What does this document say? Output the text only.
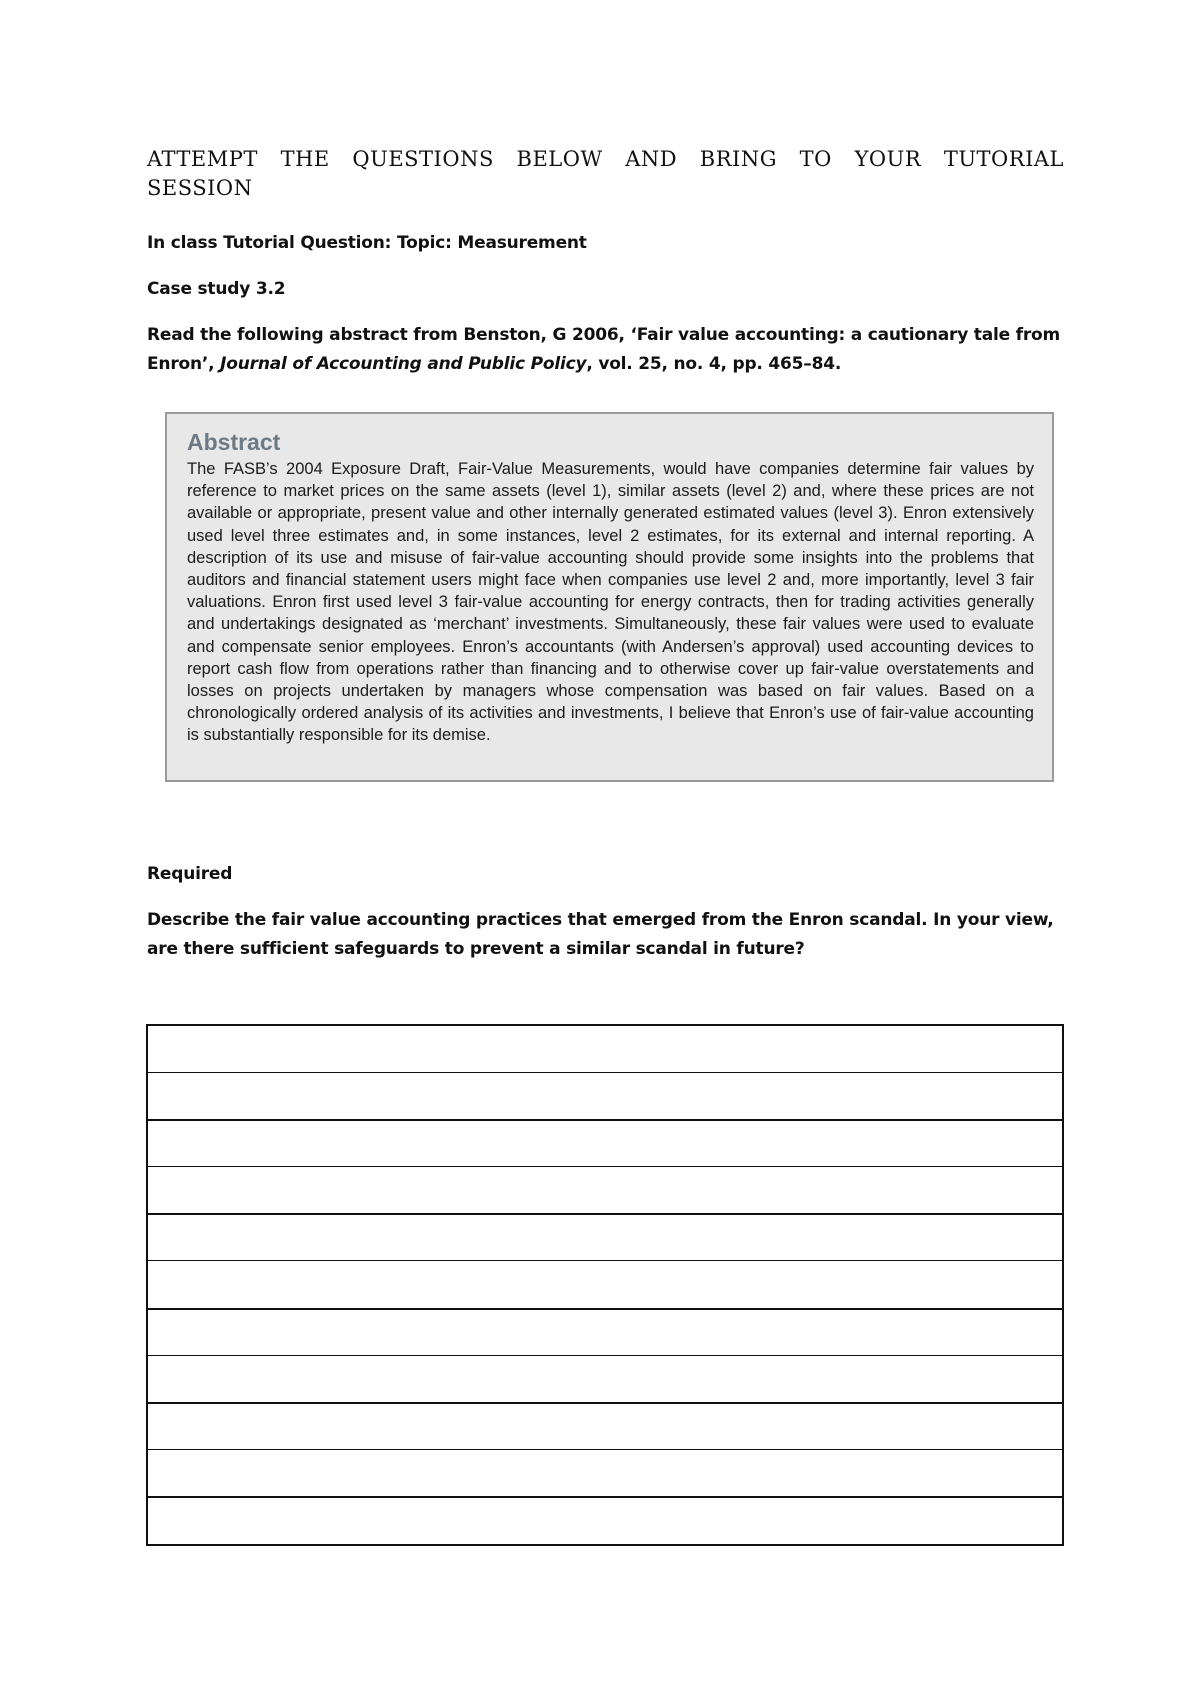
ATTEMPT THE QUESTIONS BELOW AND BRING TO YOUR TUTORIAL SESSION
In class Tutorial Question: Topic: Measurement
Case study 3.2
Read the following abstract from Benston, G 2006, ‘Fair value accounting: a cautionary tale from Enron’, Journal of Accounting and Public Policy, vol. 25, no. 4, pp. 465–84.
Abstract
The FASB’s 2004 Exposure Draft, Fair-Value Measurements, would have companies determine fair values by reference to market prices on the same assets (level 1), similar assets (level 2) and, where these prices are not available or appropriate, present value and other internally generated estimated values (level 3). Enron extensively used level three estimates and, in some instances, level 2 estimates, for its external and internal reporting. A description of its use and misuse of fair-value accounting should provide some insights into the problems that auditors and financial statement users might face when companies use level 2 and, more importantly, level 3 fair valuations. Enron first used level 3 fair-value accounting for energy contracts, then for trading activities generally and undertakings designated as ‘merchant’ investments. Simultaneously, these fair values were used to evaluate and compensate senior employees. Enron’s accountants (with Andersen’s approval) used accounting devices to report cash flow from operations rather than financing and to otherwise cover up fair-value overstatements and losses on projects undertaken by managers whose compensation was based on fair values. Based on a chronologically ordered analysis of its activities and investments, I believe that Enron’s use of fair-value accounting is substantially responsible for its demise.
Required
Describe the fair value accounting practices that emerged from the Enron scandal. In your view, are there sufficient safeguards to prevent a similar scandal in future?
